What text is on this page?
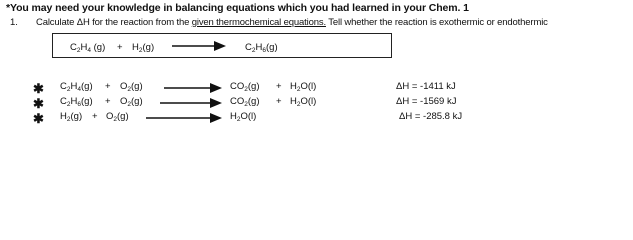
*You may need your knowledge in balancing equations which you had learned in your Chem. 1
1. Calculate ΔH for the reaction from the given thermochemical equations. Tell whether the reaction is exothermic or endothermic
$C_2H_4$ $(g) + H_2(g)$	$C_2H_6(g)$
✱ $C_2H_4(g) + O_2(g)$	$CO_2(g) + H_2O(l)$	ΔH = -1411 kJ
✱ $C_2H_6(g) + O_2(g)$	$CO_2(g) + H_2O(l)$	ΔH = -1569 kJ
✱ $H_2(g) + O_2(g)$	$H_2O(l)$	ΔH = -285.8 kJ
